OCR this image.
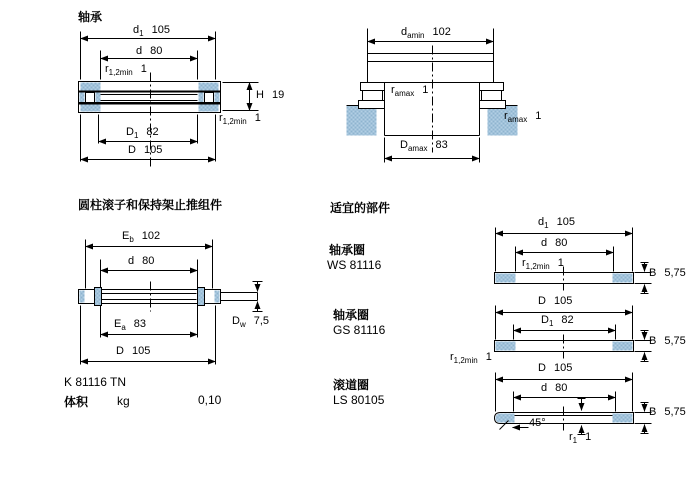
轴承
$d_1$ 105
d 80
$r_{1,2min}$ 1
H 19
$r_{1,2min}$ 1
$D_1$ 82
D 105
$d_{amin}$ 102
$r_{amax}$ 1
$r_{amax}$ 1
$D_{amax}$ 83
圆柱滚子和保持架止推组件
$E_b$ 102
d 80
$D_w$ 7,5
$E_a$ 83
D 105
K 81116 TN
体积 kg	0,10
适宜的部件
轴承圈
WS 81116
轴承圈
GS 81116
滚道圈
LS 80105
$d_1$ 105
d 80
$r_{1,2min}$ 1
B 5,75
D 105
$D_1$ 82
$r_{1,2min}$ 1
B 5,75
D 105
d 80
45°
$r_1$ 1
B 5,75
